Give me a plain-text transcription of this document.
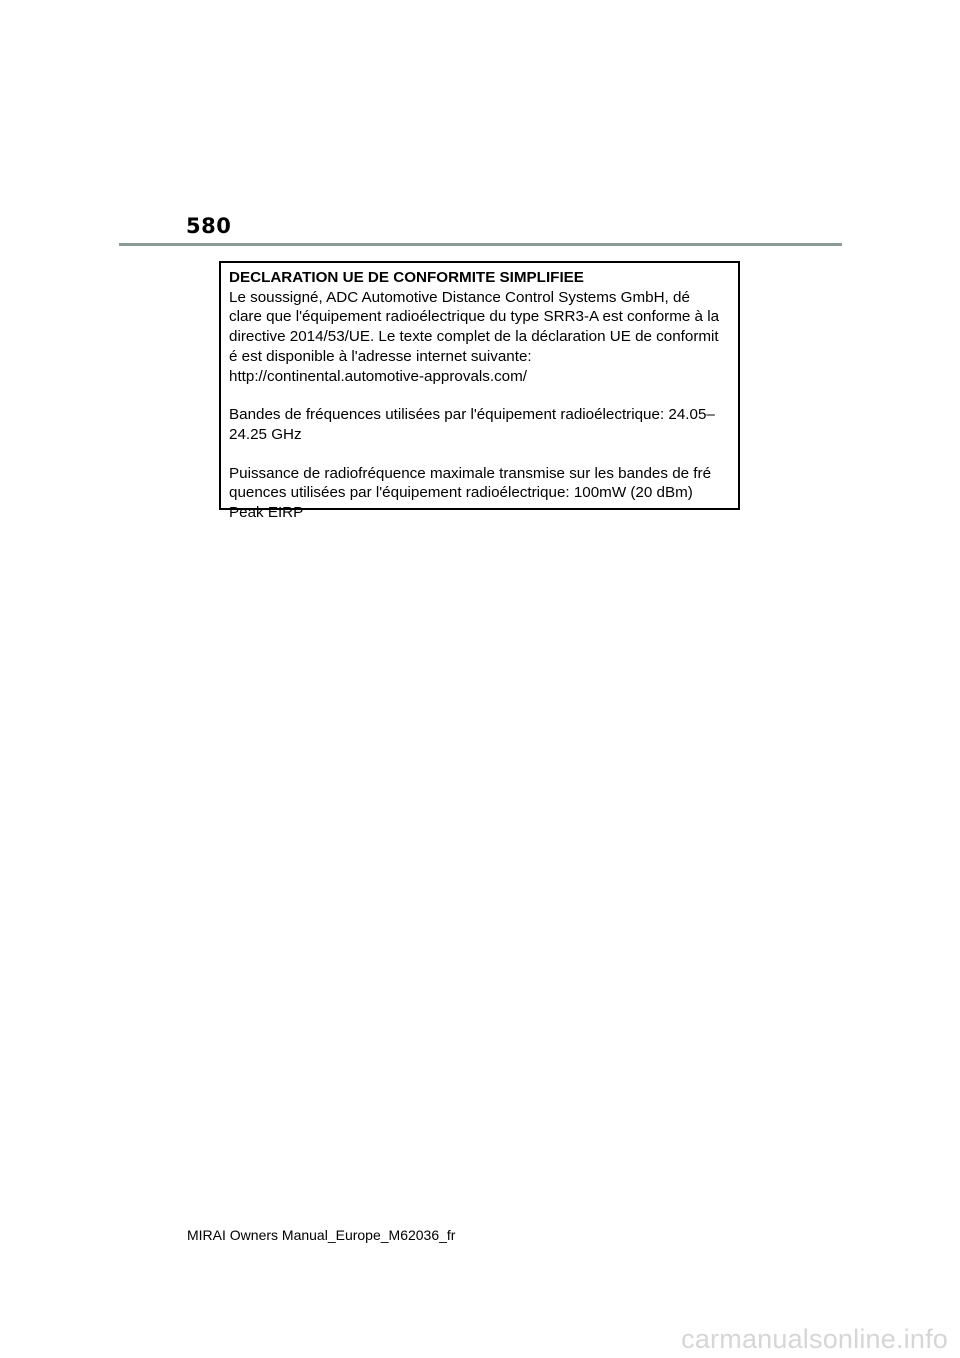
580
DECLARATION UE DE CONFORMITE SIMPLIFIEE
Le soussigné, ADC Automotive Distance Control Systems GmbH, dé
clare que l'équipement radioélectrique du type SRR3-A est conforme à la
directive 2014/53/UE. Le texte complet de la déclaration UE de conformit
é est disponible à l'adresse internet suivante:
http://continental.automotive-approvals.com/
Bandes de fréquences utilisées par l'équipement radioélectrique: 24.05–
24.25 GHz
Puissance de radiofréquence maximale transmise sur les bandes de fré
quences utilisées par l'équipement radioélectrique: 100mW (20 dBm)
Peak EIRP
MIRAI Owners Manual_Europe_M62036_fr
carmanualsonline.info
